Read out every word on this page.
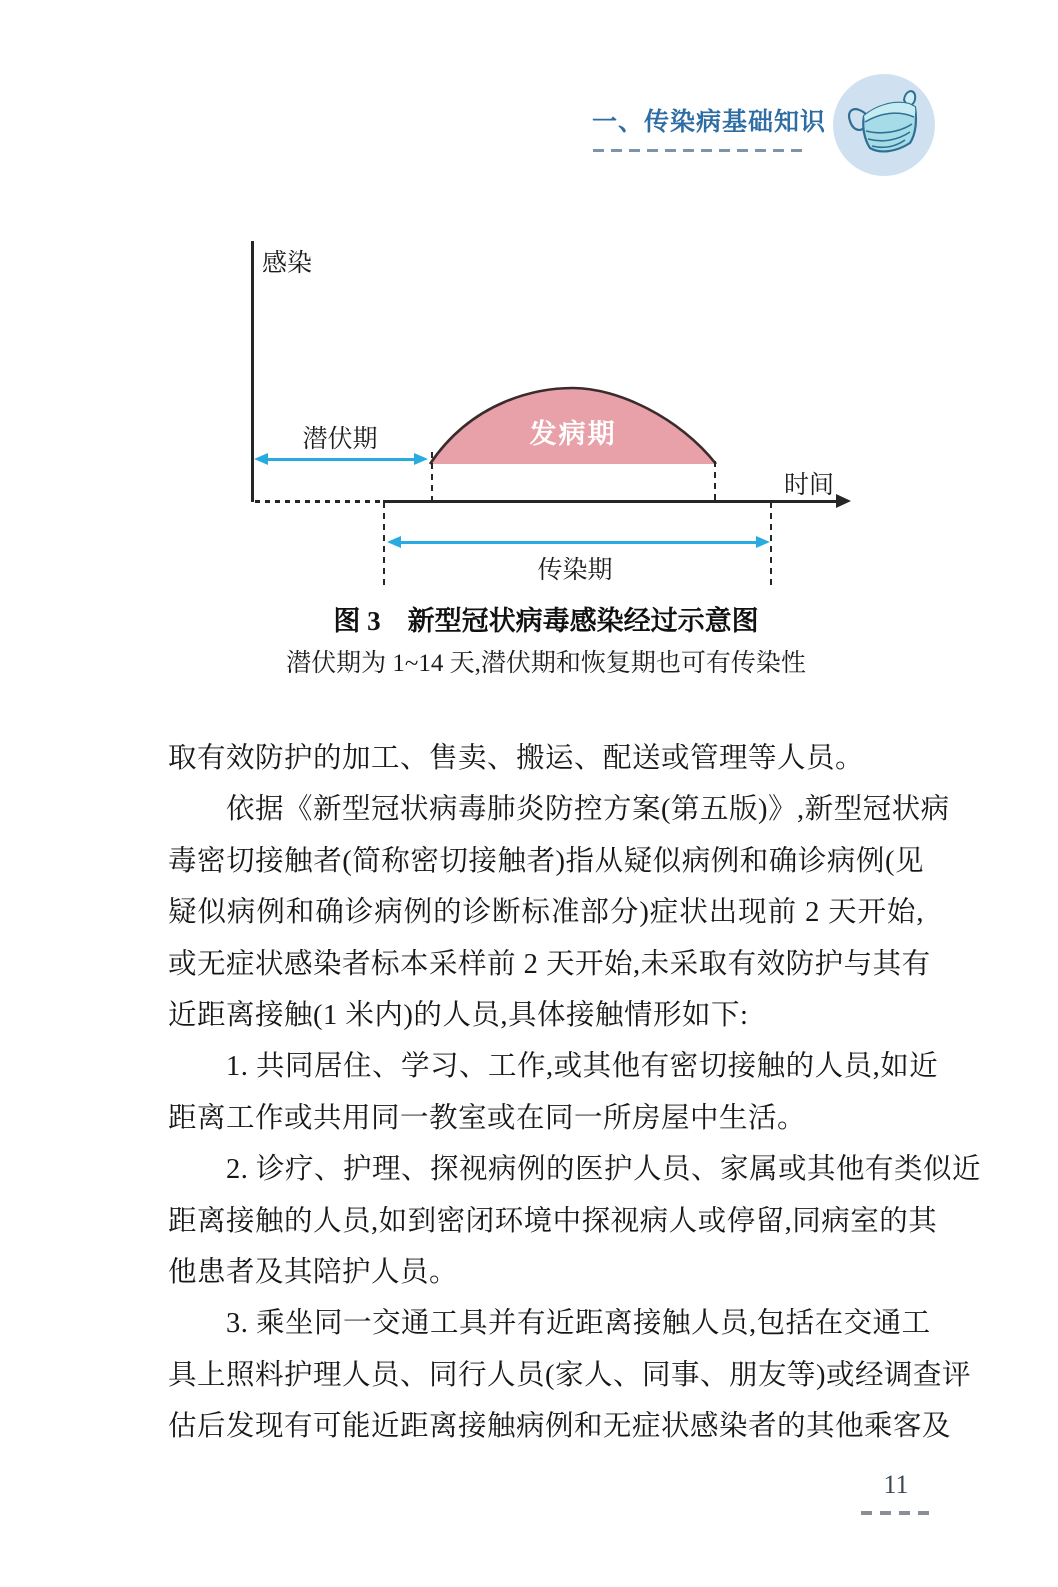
一、传染病基础知识
感染
时间
发病期
潜伏期
传染期
图 3　新型冠状病毒感染经过示意图
潜伏期为 1~14 天,潜伏期和恢复期也可有传染性
取有效防护的加工、售卖、搬运、配送或管理等人员。
依据《新型冠状病毒肺炎防控方案(第五版)》,新型冠状病
毒密切接触者(简称密切接触者)指从疑似病例和确诊病例(见
疑似病例和确诊病例的诊断标准部分)症状出现前 2 天开始,
或无症状感染者标本采样前 2 天开始,未采取有效防护与其有
近距离接触(1 米内)的人员,具体接触情形如下:
1. 共同居住、学习、工作,或其他有密切接触的人员,如近
距离工作或共用同一教室或在同一所房屋中生活。
2. 诊疗、护理、探视病例的医护人员、家属或其他有类似近
距离接触的人员,如到密闭环境中探视病人或停留,同病室的其
他患者及其陪护人员。
3. 乘坐同一交通工具并有近距离接触人员,包括在交通工
具上照料护理人员、同行人员(家人、同事、朋友等)或经调查评
估后发现有可能近距离接触病例和无症状感染者的其他乘客及
11
